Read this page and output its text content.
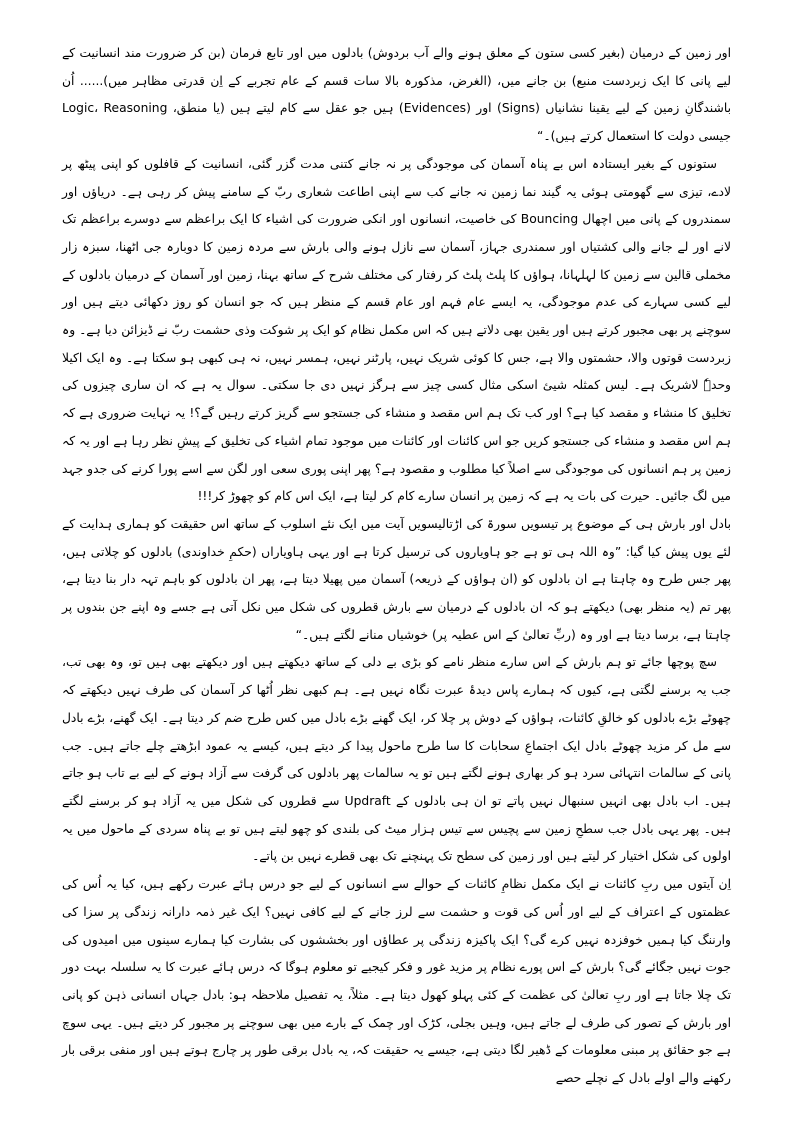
اور زمین کے درمیان (بغیر کسی ستون کے معلق ہونے والے آب بردوش) بادلوں میں اور تابع فرمان (بن کر ضرورت مند انسانیت کے لیے پانی کا ایک زبردست منبع) بن جانے میں، (الغرض، مذکورہ بالا سات قسم کے عام تجربے کے اِن قدرتی مظاہر میں)...... اُن باشندگانِ زمین کے لیے یقینا نشانیاں (Signs) اور (Evidences) ہیں جو عقل سے کام لیتے ہیں (یا منطق، Logic، Reasoning جیسی دولت کا استعمال کرتے ہیں)۔“

ستونوں کے بغیر ایستادہ اس بے پناہ آسمان کی موجودگی پر نہ جانے کتنی مدت گزر گئی، انسانیت کے قافلوں کو اپنی پیٹھ پر لادے، تیزی سے گھومتی ہوئی یہ گیند نما زمین نہ جانے کب سے اپنی اطاعت شعاری ربّ کے سامنے پیش کر رہی ہے۔ دریاؤں اور سمندروں کے پانی میں اچھال Bouncing کی خاصیت، انسانوں اور انکی ضرورت کی اشیاء کا ایک براعظم سے دوسرے براعظم تک لانے اور لے جانے والی کشتیاں اور سمندری جہاز، آسمان سے نازل ہونے والی بارش سے مردہ زمین کا دوبارہ جی اٹھنا، سبزہ زار مخملی قالین سے زمین کا لہلہانا، ہواؤں کا پلٹ پلٹ کر رفتار کی مختلف شرح کے ساتھ بہنا، زمین اور آسمان کے درمیان بادلوں کے لیے کسی سہارے کی عدم موجودگی، یہ ایسے عام فہم اور عام قسم کے منظر ہیں کہ جو انسان کو روز دکھائی دیتے ہیں اور سوچنے پر بھی مجبور کرتے ہیں اور یقین بھی دلاتے ہیں کہ اس مکمل نظام کو ایک پر شوکت وذی حشمت ربّ نے ڈیزائن دیا ہے۔ وہ زبردست قوتوں والا، حشمتوں والا ہے، جس کا کوئی شریک نہیں، پارٹنر نہیں، ہمسر نہیں، نہ ہی کبھی ہو سکتا ہے۔ وہ ایک اکیلا وحدہٗ لاشریک ہے۔ لیس کمثلہ شیئ اسکی مثال کسی چیز سے ہرگز نہیں دی جا سکتی۔ سوال یہ ہے کہ ان ساری چیزوں کی تخلیق کا منشاء و مقصد کیا ہے؟ اور کب تک ہم اس مقصد و منشاء کی جستجو سے گریز کرتے رہیں گے؟! یہ نہایت ضروری ہے کہ ہم اس مقصد و منشاء کی جستجو کریں جو اس کائنات اور کائنات میں موجود تمام اشیاء کی تخلیق کے پیشِ نظر رہا ہے اور یہ کہ زمین پر ہم انسانوں کی موجودگی سے اصلاً کیا مطلوب و مقصود ہے؟ پھر اپنی پوری سعی اور لگن سے اسے پورا کرنے کی جدو جہد میں لگ جائیں۔ حیرت کی بات یہ ہے کہ زمین پر انسان سارے کام کر لیتا ہے، ایک اس کام کو چھوڑ کر!!!

بادل اور بارش ہی کے موضوع پر تیسویں سورۃ کی اڑتالیسویں آیت میں ایک نئے اسلوب کے ساتھ اس حقیقت کو ہماری ہدایت کے لئے یوں پیش کیا گیا: ”وہ اللہ ہی تو ہے جو ہاویاروں کی ترسیل کرتا ہے اور یہی ہاویاراں (حکمِ خداوندی) بادلوں کو چلاتی ہیں، پھر جس طرح وہ چاہتا ہے ان بادلوں کو (ان ہواؤں کے ذریعہ) آسمان میں پھیلا دیتا ہے، پھر ان بادلوں کو باہم تہہ دار بنا دیتا ہے، پھر تم (یہ منظر بھی) دیکھتے ہو کہ ان بادلوں کے درمیان سے بارش قطروں کی شکل میں نکل آتی ہے جسے وہ اپنے جن بندوں پر چاہتا ہے، برسا دیتا ہے اور وہ (ربِّ تعالیٰ کے اس عطیہ پر) خوشیاں منانے لگتے ہیں۔“

سچ پوچھا جائے تو ہم بارش کے اس سارے منظر نامے کو بڑی بے دلی کے ساتھ دیکھتے ہیں اور دیکھتے بھی ہیں تو، وہ بھی تب، جب یہ برسنے لگتی ہے، کیوں کہ ہمارے پاس دیدۂ عبرت نگاہ نہیں ہے۔ ہم کبھی نظر اُٹھا کر آسمان کی طرف نہیں دیکھتے کہ چھوٹے بڑے بادلوں کو خالقِ کائنات، ہواؤں کے دوش پر چلا کر، ایک گھنے بڑے بادل میں کس طرح ضم کر دیتا ہے۔ ایک گھنے، بڑے بادل سے مل کر مزید چھوٹے بادل ایک اجتماعِ سحابات کا سا طرح ماحول پیدا کر دیتے ہیں، کیسے یہ عمود ابڑھتے چلے جاتے ہیں۔ جب پانی کے سالمات انتہائی سرد ہو کر بھاری ہونے لگتے ہیں تو یہ سالمات پھر بادلوں کی گرفت سے آزاد ہونے کے لیے بے تاب ہو جاتے ہیں۔ اب بادل بھی انہیں سنبھال نہیں پاتے تو ان ہی بادلوں کے Updraft سے قطروں کی شکل میں یہ آزاد ہو کر برسنے لگتے ہیں۔ پھر یہی بادل جب سطحِ زمین سے پچیس سے تیس ہزار میٹ کی بلندی کو چھو لیتے ہیں تو بے پناہ سردی کے ماحول میں یہ اولوں کی شکل اختیار کر لیتے ہیں اور زمین کی سطح تک پہنچنے تک بھی قطرے نہیں بن پاتے۔

اِن آیتوں میں ربِ کائنات نے ایک مکمل نظامِ کائنات کے حوالے سے انسانوں کے لیے جو درس ہائے عبرت رکھے ہیں، کیا یہ اُس کی عظمتوں کے اعتراف کے لیے اور اُس کی قوت و حشمت سے لرز جانے کے لیے کافی نہیں؟ ایک غیر ذمہ دارانہ زندگی پر سزا کی وارننگ کیا ہمیں خوفزدہ نہیں کرے گی؟ ایک پاکیزہ زندگی پر عطاؤں اور بخششوں کی بشارت کیا ہمارے سینوں میں امیدوں کی جوت نہیں جگائے گی؟ بارش کے اس پورے نظام پر مزید غور و فکر کیجیے تو معلوم ہوگا کہ درس ہائے عبرت کا یہ سلسلہ بہت دور تک چلا جاتا ہے اور ربِ تعالیٰ کی عظمت کے کئی پہلو کھول دیتا ہے۔ مثلاً، یہ تفصیل ملاحظہ ہو: بادل جہاں انسانی ذہن کو پانی اور بارش کے تصور کی طرف لے جاتے ہیں، وہیں بجلی، کڑک اور چمک کے بارے میں بھی سوچنے پر مجبور کر دیتے ہیں۔ یہی سوچ ہے جو حقائق پر مبنی معلومات کے ڈھیر لگا دیتی ہے، جیسے یہ حقیقت کہ، یہ بادل برقی طور پر چارج ہوتے ہیں اور منفی برقی بار رکھنے والے اولے بادل کے نچلے حصے
